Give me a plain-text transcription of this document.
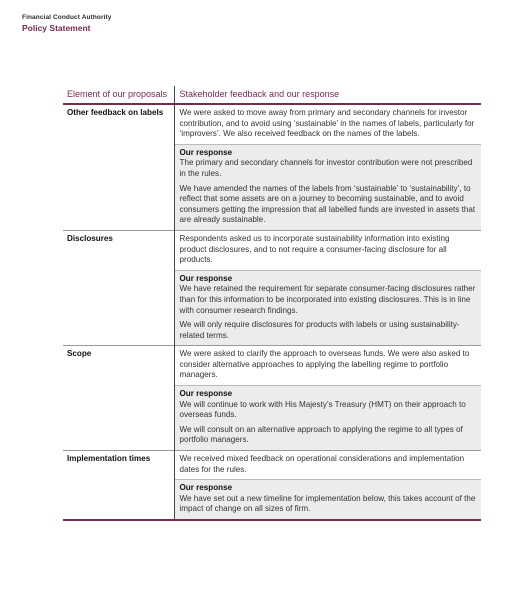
Financial Conduct Authority
Policy Statement
Element of our proposals	Stakeholder feedback and our response
Other feedback on labels	We were asked to move away from primary and secondary channels for investor contribution, and to avoid using ‘sustainable’ in the names of labels, particularly for ‘improvers’. We also received feedback on the names of the labels.

	Our response
The primary and secondary channels for investor contribution were not prescribed in the rules.
We have amended the names of the labels from ‘sustainable’ to ‘sustainability’, to reflect that some assets are on a journey to becoming sustainable, and to avoid consumers getting the impression that all labelled funds are invested in assets that are already sustainable.

Disclosures	Respondents asked us to incorporate sustainability information into existing product disclosures, and to not require a consumer-facing disclosure for all products.

	Our response
We have retained the requirement for separate consumer-facing disclosures rather than for this information to be incorporated into existing disclosures. This is in line with consumer research findings.
We will only require disclosures for products with labels or using sustainability-related terms.

Scope	We were asked to clarify the approach to overseas funds. We were also asked to consider alternative approaches to applying the labelling regime to portfolio managers.

	Our response
We will continue to work with His Majesty’s Treasury (HMT) on their approach to overseas funds.
We will consult on an alternative approach to applying the regime to all types of portfolio managers.

Implementation times	We received mixed feedback on operational considerations and implementation dates for the rules.

	Our response
We have set out a new timeline for implementation below, this takes account of the impact of change on all sizes of firm.
